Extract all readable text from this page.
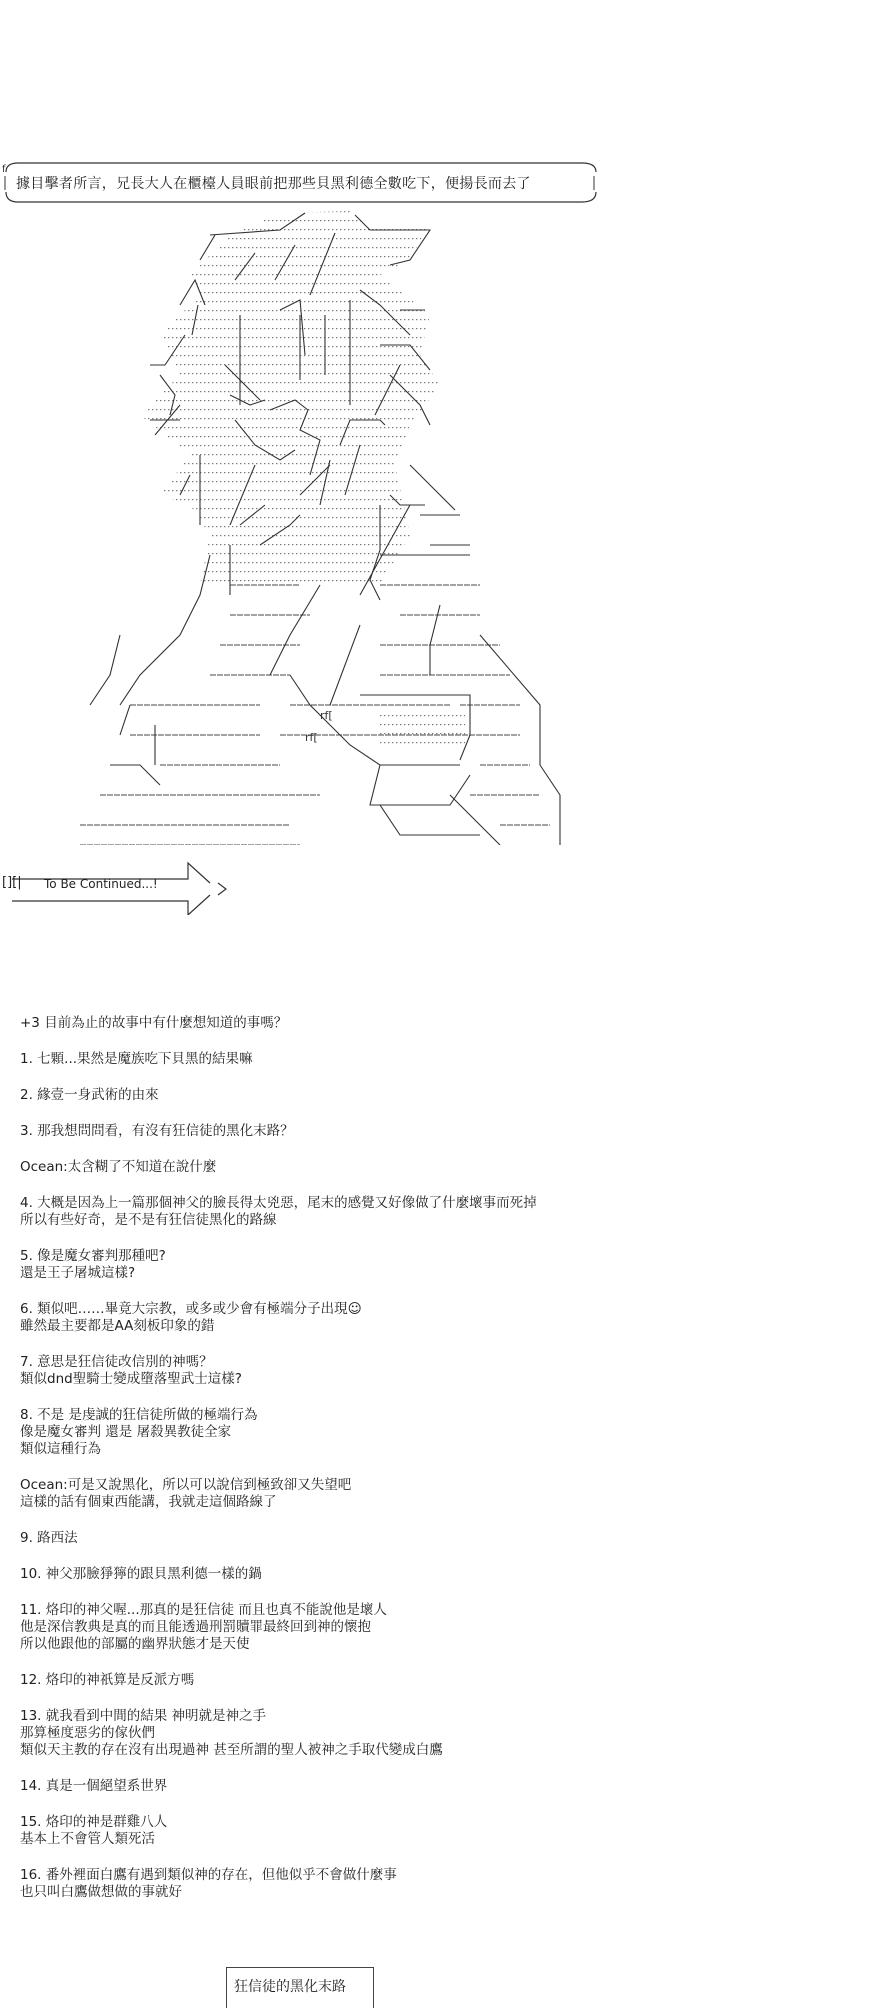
f
據目擊者所言，兄長大人在櫃檯人員眼前把那些貝黑利德全數吃下，便揚長而去了
rf[
rf[
[][| To Be Continued...!
+3 目前為止的故事中有什麼想知道的事嗎？
1. 七顆...果然是魔族吃下貝黑的結果嘛
2. 緣壹一身武術的由來
3. 那我想問問看，有沒有狂信徒的黑化末路？
Ocean:太含糊了不知道在說什麼
4. 大概是因為上一篇那個神父的臉長得太兇惡，尾末的感覺又好像做了什麼壞事而死掉
所以有些好奇，是不是有狂信徒黑化的路線
5. 像是魔女審判那種吧?
還是王子屠城這樣?
6. 類似吧……畢竟大宗教，或多或少會有極端分子出現☺
雖然最主要都是AA刻板印象的錯
7. 意思是狂信徒改信別的神嗎？
類似dnd聖騎士變成墮落聖武士這樣?
8. 不是 是虔誠的狂信徒所做的極端行為
像是魔女審判 還是 屠殺異教徒全家
類似這種行為
Ocean:可是又說黑化，所以可以說信到極致卻又失望吧
這樣的話有個東西能講，我就走這個路線了
9. 路西法
10. 神父那臉猙獰的跟貝黑利德一樣的鍋
11. 烙印的神父喔...那真的是狂信徒 而且也真不能說他是壞人
他是深信教典是真的而且能透過刑罰贖罪最終回到神的懷抱
所以他跟他的部屬的幽界狀態才是天使
12. 烙印的神祇算是反派方嗎
13. 就我看到中間的結果 神明就是神之手
那算極度惡劣的傢伙們
類似天主教的存在沒有出現過神 甚至所謂的聖人被神之手取代變成白鷹
14. 真是一個絕望系世界
15. 烙印的神是群雞八人
基本上不會管人類死活
16. 番外裡面白鷹有遇到類似神的存在，但他似乎不會做什麼事
也只叫白鷹做想做的事就好
狂信徒的黑化末路
